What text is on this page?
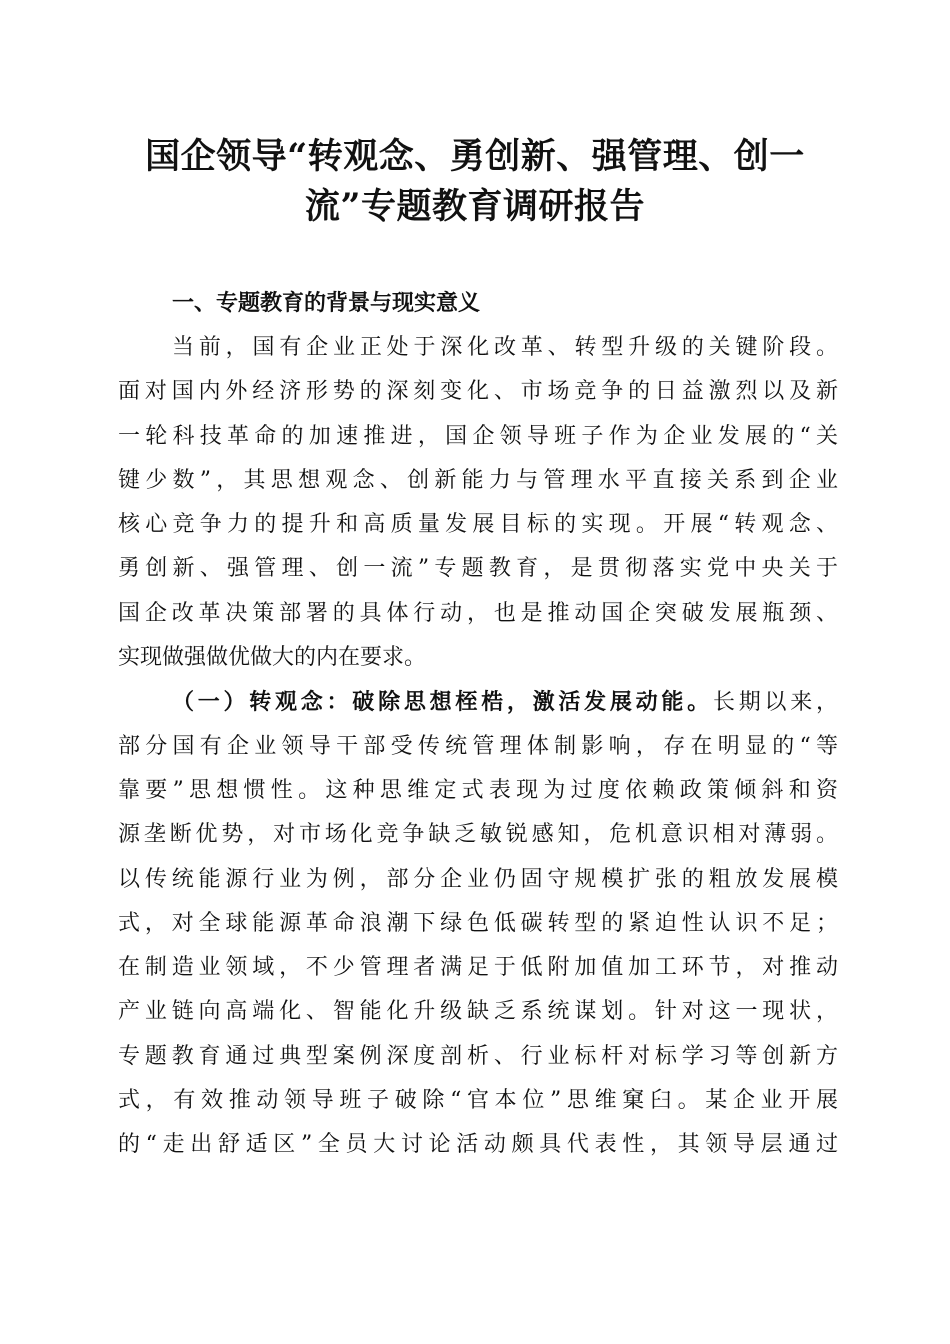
国企领导“转观念、勇创新、强管理、创一
流”专题教育调研报告
一、专题教育的背景与现实意义

当前，国有企业正处于深化改革、转型升级的关键阶段。

面对国内外经济形势的深刻变化、市场竞争的日益激烈以及新

一轮科技革命的加速推进，国企领导班子作为企业发展的“关

键少数”，其思想观念、创新能力与管理水平直接关系到企业

核心竞争力的提升和高质量发展目标的实现。开展“转观念、

勇创新、强管理、创一流”专题教育，是贯彻落实党中央关于

国企改革决策部署的具体行动，也是推动国企突破发展瓶颈、

实现做强做优做大的内在要求。

（一）转观念：破除思想桎梏，激活发展动能。长期以来，

部分国有企业领导干部受传统管理体制影响，存在明显的“等

靠要”思想惯性。这种思维定式表现为过度依赖政策倾斜和资

源垄断优势，对市场化竞争缺乏敏锐感知，危机意识相对薄弱。

以传统能源行业为例，部分企业仍固守规模扩张的粗放发展模

式，对全球能源革命浪潮下绿色低碳转型的紧迫性认识不足；

在制造业领域，不少管理者满足于低附加值加工环节，对推动

产业链向高端化、智能化升级缺乏系统谋划。针对这一现状，

专题教育通过典型案例深度剖析、行业标杆对标学习等创新方

式，有效推动领导班子破除“官本位”思维窠臼。某企业开展

的“走出舒适区”全员大讨论活动颇具代表性，其领导层通过
